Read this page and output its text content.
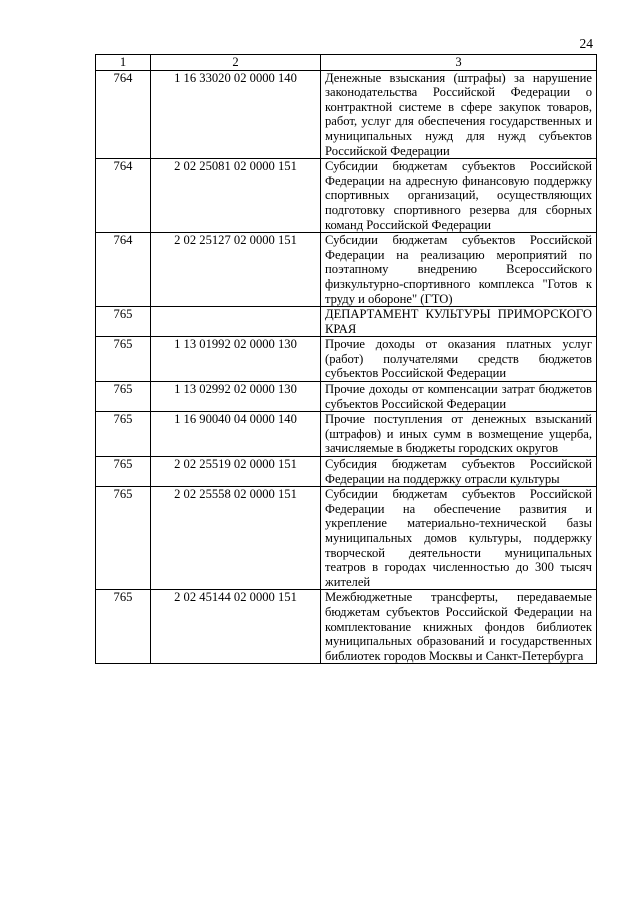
24
1	2	3
764	1 16 33020 02 0000 140	Денежные взыскания (штрафы) за нарушение законодательства Российской Федерации о контрактной системе в сфере закупок товаров, работ, услуг для обеспечения государственных и муниципальных нужд для нужд субъектов Российской Федерации
764	2 02 25081 02 0000 151	Субсидии бюджетам субъектов Российской Федерации на адресную финансовую поддержку спортивных организаций, осуществляющих подготовку спортивного резерва для сборных команд Российской Федерации
764	2 02 25127 02 0000 151	Субсидии бюджетам субъектов Российской Федерации на реализацию мероприятий по поэтапному внедрению Всероссийского физкультурно-спортивного комплекса "Готов к труду и обороне" (ГТО)
765		ДЕПАРТАМЕНТ КУЛЬТУРЫ ПРИМОРСКОГО КРАЯ
765	1 13 01992 02 0000 130	Прочие доходы от оказания платных услуг (работ) получателями средств бюджетов субъектов Российской Федерации
765	1 13 02992 02 0000 130	Прочие доходы от компенсации затрат бюджетов субъектов Российской Федерации
765	1 16 90040 04 0000 140	Прочие поступления от денежных взысканий (штрафов) и иных сумм в возмещение ущерба, зачисляемые в бюджеты городских округов
765	2 02 25519 02 0000 151	Субсидия бюджетам субъектов Российской Федерации на поддержку отрасли культуры
765	2 02 25558 02 0000 151	Субсидии бюджетам субъектов Российской Федерации на обеспечение развития и укрепление материально-технической базы муниципальных домов культуры, поддержку творческой деятельности муниципальных театров в городах численностью до 300 тысяч жителей
765	2 02 45144 02 0000 151	Межбюджетные трансферты, передаваемые бюджетам субъектов Российской Федерации на комплектование книжных фондов библиотек муниципальных образований и государственных библиотек городов Москвы и Санкт-Петербурга
